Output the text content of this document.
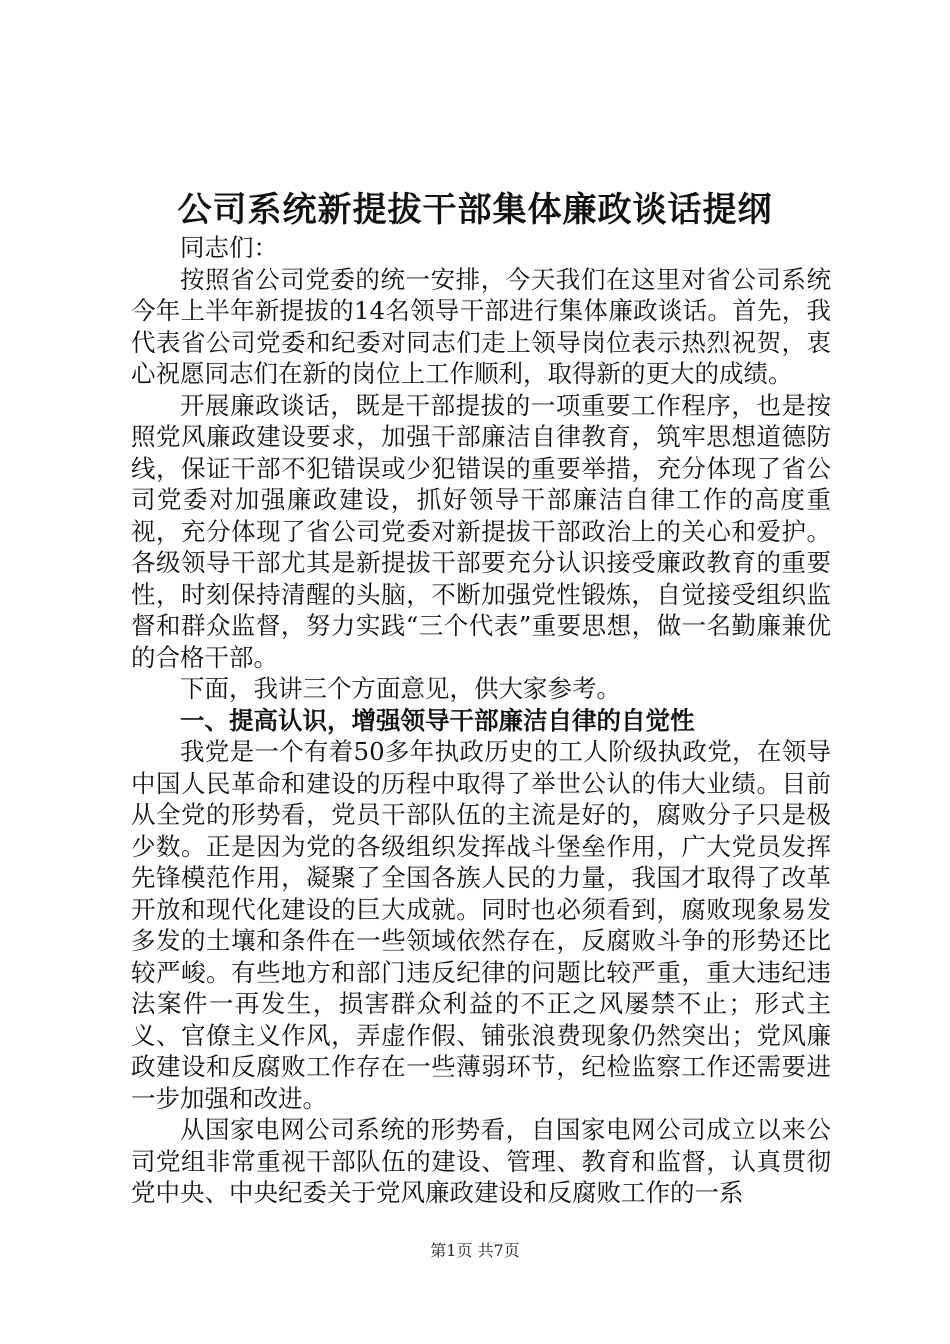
公司系统新提拔干部集体廉政谈话提纲

同志们：

按照省公司党委的统一安排，今天我们在这里对省公司系统今年上半年新提拔的14名领导干部进行集体廉政谈话。首先，我代表省公司党委和纪委对同志们走上领导岗位表示热烈祝贺，衷心祝愿同志们在新的岗位上工作顺利，取得新的更大的成绩。

开展廉政谈话，既是干部提拔的一项重要工作程序，也是按照党风廉政建设要求，加强干部廉洁自律教育，筑牢思想道德防线，保证干部不犯错误或少犯错误的重要举措，充分体现了省公司党委对加强廉政建设，抓好领导干部廉洁自律工作的高度重视，充分体现了省公司党委对新提拔干部政治上的关心和爱护。各级领导干部尤其是新提拔干部要充分认识接受廉政教育的重要性，时刻保持清醒的头脑，不断加强党性锻炼，自觉接受组织监督和群众监督，努力实践“三个代表”重要思想，做一名勤廉兼优的合格干部。

下面，我讲三个方面意见，供大家参考。

一、提高认识，增强领导干部廉洁自律的自觉性

我党是一个有着50多年执政历史的工人阶级执政党，在领导中国人民革命和建设的历程中取得了举世公认的伟大业绩。目前从全党的形势看，党员干部队伍的主流是好的，腐败分子只是极少数。正是因为党的各级组织发挥战斗堡垒作用，广大党员发挥先锋模范作用，凝聚了全国各族人民的力量，我国才取得了改革开放和现代化建设的巨大成就。同时也必须看到，腐败现象易发多发的土壤和条件在一些领域依然存在，反腐败斗争的形势还比较严峻。有些地方和部门违反纪律的问题比较严重，重大违纪违法案件一再发生，损害群众利益的不正之风屡禁不止；形式主义、官僚主义作风，弄虚作假、铺张浪费现象仍然突出；党风廉政建设和反腐败工作存在一些薄弱环节，纪检监察工作还需要进一步加强和改进。

从国家电网公司系统的形势看，自国家电网公司成立以来公司党组非常重视干部队伍的建设、管理、教育和监督，认真贯彻党中央、中央纪委关于党风廉政建设和反腐败工作的一系

第1页 共7页
